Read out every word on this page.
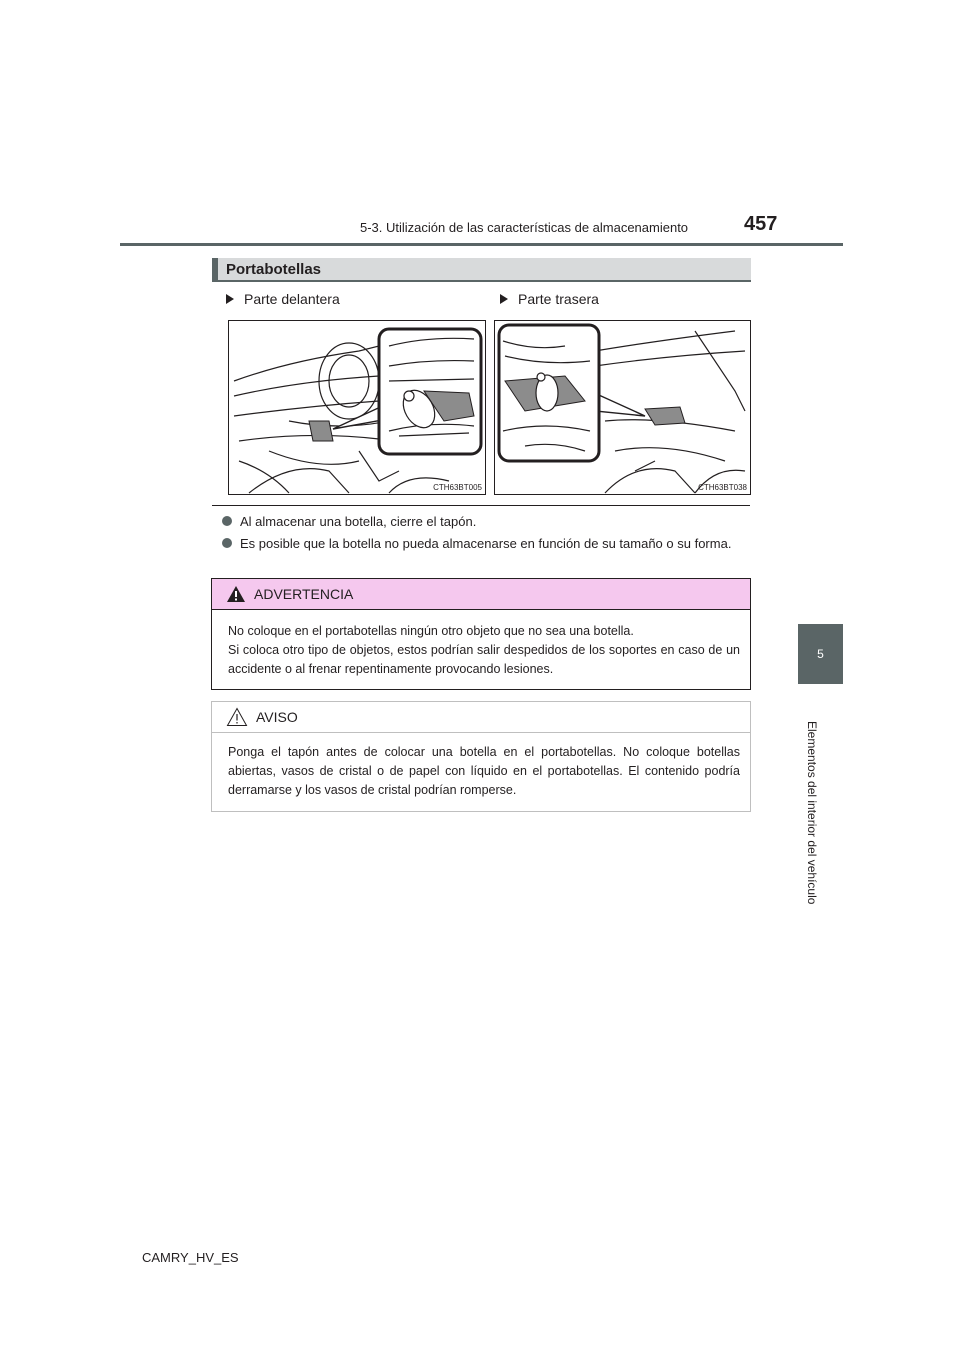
5-3. Utilización de las características de almacenamiento	457
5
Elementos del interior del vehículo
Portabotellas
Parte delantera	Parte trasera
CTH63BT005	CTH63BT038
Al almacenar una botella, cierre el tapón.
Es posible que la botella no pueda almacenarse en función de su tamaño o su forma.
ADVERTENCIA
No coloque en el portabotellas ningún otro objeto que no sea una botella.
Si coloca otro tipo de objetos, estos podrían salir despedidos de los soportes en caso de un accidente o al frenar repentinamente provocando lesiones.
AVISO
Ponga el tapón antes de colocar una botella en el portabotellas. No coloque botellas abiertas, vasos de cristal o de papel con líquido en el portabotellas. El contenido podría derramarse y los vasos de cristal podrían romperse.
CAMRY_HV_ES
